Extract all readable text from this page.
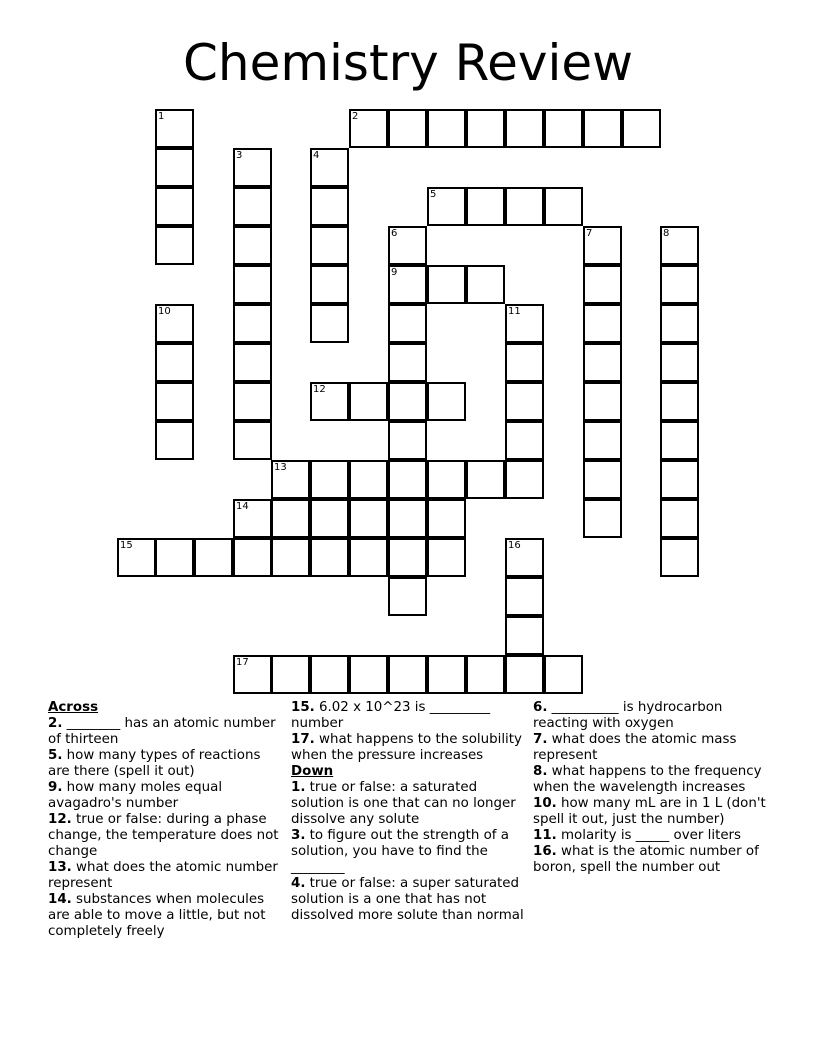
Chemistry Review
1	2
3	4
5
6
9
7	8
10	11
12
13
14
15	16
17
Across
2. ________ has an atomic number of thirteen
5. how many types of reactions are there (spell it out)
9. how many moles equal avagadro's number
12. true or false: during a phase change, the temperature does not change
13. what does the atomic number represent
14. substances when molecules are able to move a little, but not completely freely
15. 6.02 x 10^23 is _________ number
17. what happens to the solubility when the pressure increases
Down
1. true or false: a saturated solution is one that can no longer dissolve any solute
3. to figure out the strength of a solution, you have to find the ________
4. true or false: a super saturated solution is a one that has not dissolved more solute than normal
6. __________ is hydrocarbon reacting with oxygen
7. what does the atomic mass represent
8. what happens to the frequency when the wavelength increases
10. how many mL are in 1 L (don't spell it out, just the number)
11. molarity is _____ over liters
16. what is the atomic number of boron, spell the number out
